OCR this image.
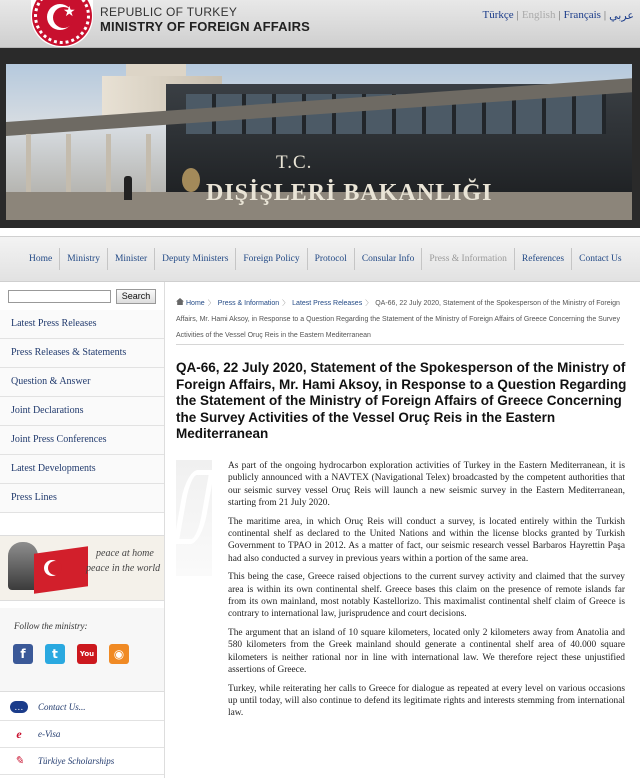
★ REPUBLIC OF TURKEY
MINISTRY OF FOREIGN AFFAIRS
Türkçe | English | Français | عربي
T.C.
DIŞİŞLERİ BAKANLIĞI
Home	Ministry	Minister	Deputy Ministers	Foreign Policy	Protocol	Consular Info	Press & Information	References	Contact Us
Search
Latest Press Releases
Press Releases & Statements
Question & Answer
Joint Declarations
Joint Press Conferences
Latest Developments
Press Lines
peace at home
peace in the world
Follow the ministry:
f	t	You	◉
…	Contact Us...
e	e-Visa
✎	Türkiye Scholarships
Home 〉 Press & Information 〉 Latest Press Releases 〉 QA-66, 22 July 2020, Statement of the Spokesperson of the Ministry of Foreign Affairs, Mr. Hami Aksoy, in Response to a Question Regarding the Statement of the Ministry of Foreign Affairs of Greece Concerning the Survey Activities of the Vessel Oruç Reis in the Eastern Mediterranean
QA-66, 22 July 2020, Statement of the Spokesperson of the Ministry of Foreign Affairs, Mr. Hami Aksoy, in Response to a Question Regarding the Statement of the Ministry of Foreign Affairs of Greece Concerning the Survey Activities of the Vessel Oruç Reis in the Eastern Mediterranean

As part of the ongoing hydrocarbon exploration activities of Turkey in the Eastern Mediterranean, it is publicly announced with a NAVTEX (Navigational Telex) broadcasted by the competent authorities that our seismic survey vessel Oruç Reis will launch a new seismic survey in the Eastern Mediterranean, starting from 21 July 2020.

The maritime area, in which Oruç Reis will conduct a survey, is located entirely within the Turkish continental shelf as declared to the United Nations and within the license blocks granted by Turkish Government to TPAO in 2012. As a matter of fact, our seismic research vessel Barbaros Hayrettin Paşa had also conducted a survey in previous years within a portion of the same area.

This being the case, Greece raised objections to the current survey activity and claimed that the survey area is within its own continental shelf. Greece bases this claim on the presence of remote islands far from its own mainland, most notably Kastellorizo. This maximalist continental shelf claim of Greece is contrary to international law, jurisprudence and court decisions.

The argument that an island of 10 square kilometers, located only 2 kilometers away from Anatolia and 580 kilometers from the Greek mainland should generate a continental shelf area of 40.000 square kilometers is neither rational nor in line with international law. We therefore reject these unjustified assertions of Greece.

Turkey, while reiterating her calls to Greece for dialogue as repeated at every level on various occasions up until today, will also continue to defend its legitimate rights and interests stemming from international law.
